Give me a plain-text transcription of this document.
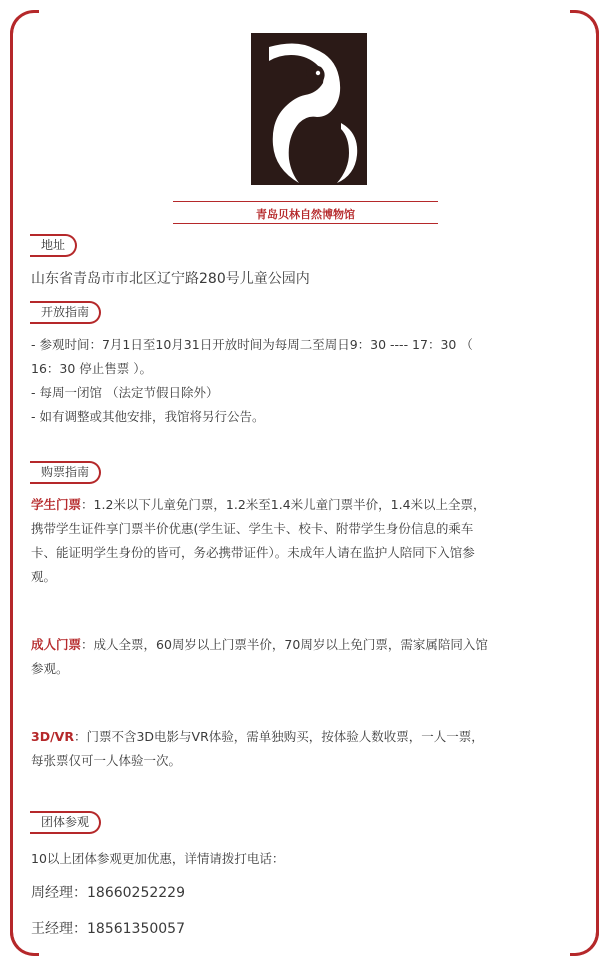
青岛贝林自然博物馆
地址
山东省青岛市市北区辽宁路280号儿童公园内
开放指南
- 参观时间：7月1日至10月31日开放时间为每周二至周日9：30 ---- 17：30 （
16：30 停止售票 ）。
- 每周一闭馆 （法定节假日除外）
- 如有调整或其他安排，我馆将另行公告。
购票指南
学生门票：1.2米以下儿童免门票，1.2米至1.4米儿童门票半价，1.4米以上全票，
携带学生证件享门票半价优惠(学生证、学生卡、校卡、附带学生身份信息的乘车
卡、能证明学生身份的皆可，务必携带证件）。未成年人请在监护人陪同下入馆参
观。
成人门票：成人全票，60周岁以上门票半价，70周岁以上免门票，需家属陪同入馆
参观。
3D/VR：门票不含3D电影与VR体验，需单独购买，按体验人数收票，一人一票，
每张票仅可一人体验一次。
团体参观
10以上团体参观更加优惠，详情请拨打电话：
周经理：18660252229
王经理：18561350057
